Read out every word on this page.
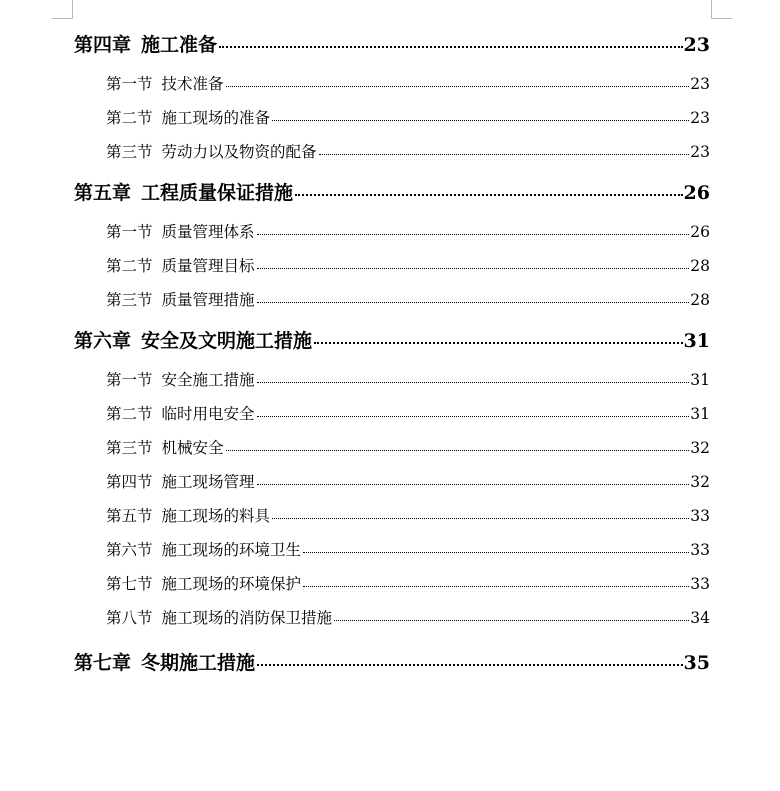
第四章 施工准备	23
第一节 技术准备	23
第二节 施工现场的准备	23
第三节 劳动力以及物资的配备	23
第五章 工程质量保证措施	26
第一节 质量管理体系	26
第二节 质量管理目标	28
第三节 质量管理措施	28
第六章 安全及文明施工措施	31
第一节 安全施工措施	31
第二节 临时用电安全	31
第三节 机械安全	32
第四节 施工现场管理	32
第五节 施工现场的料具	33
第六节 施工现场的环境卫生	33
第七节 施工现场的环境保护	33
第八节 施工现场的消防保卫措施	34
第七章 冬期施工措施	35
